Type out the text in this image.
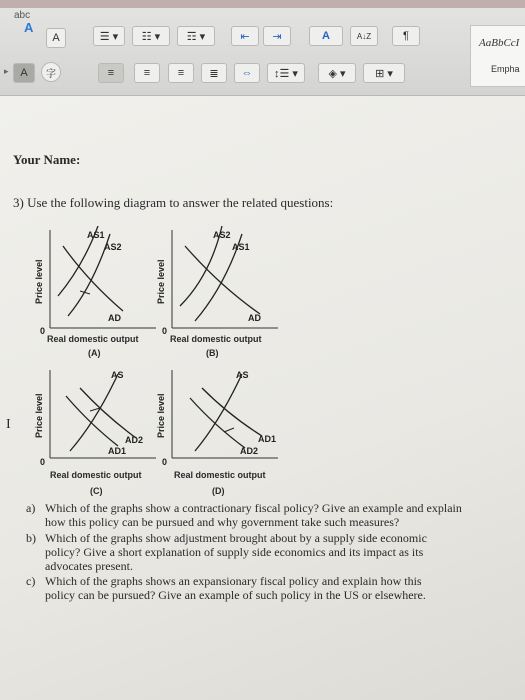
abc
A
A	☰ ▾ ☷ ▾ ☶ ▾	⇤ ⇥	A	A↓Z	¶
▸ A 字	≡	≡	≡ ≣ ⇔ ↕☰ ▾	◈ ▾	⊞ ▾
AaBbCcI
Empha
Your Name:
3) Use the following diagram to answer the related questions:
I
AS1
AS2
AD
Price level
0
Real domestic output
(A)
AS2
AS1
AD
Price level
0
Real domestic output
(B)
AS
AD2
AD1
Price level
0
Real domestic output
(C)
AS
AD1
AD2
Price level
0
Real domestic output
(D)
a) Which of the graphs show a contractionary fiscal policy? Give an example and explain
how this policy can be pursued and why government take such measures?
b) Which of the graphs show adjustment brought about by a supply side economic
policy? Give a short explanation of supply side economics and its impact as its
advocates present.
c) Which of the graphs shows an expansionary fiscal policy and explain how this
policy can be pursued? Give an example of such policy in the US or elsewhere.
